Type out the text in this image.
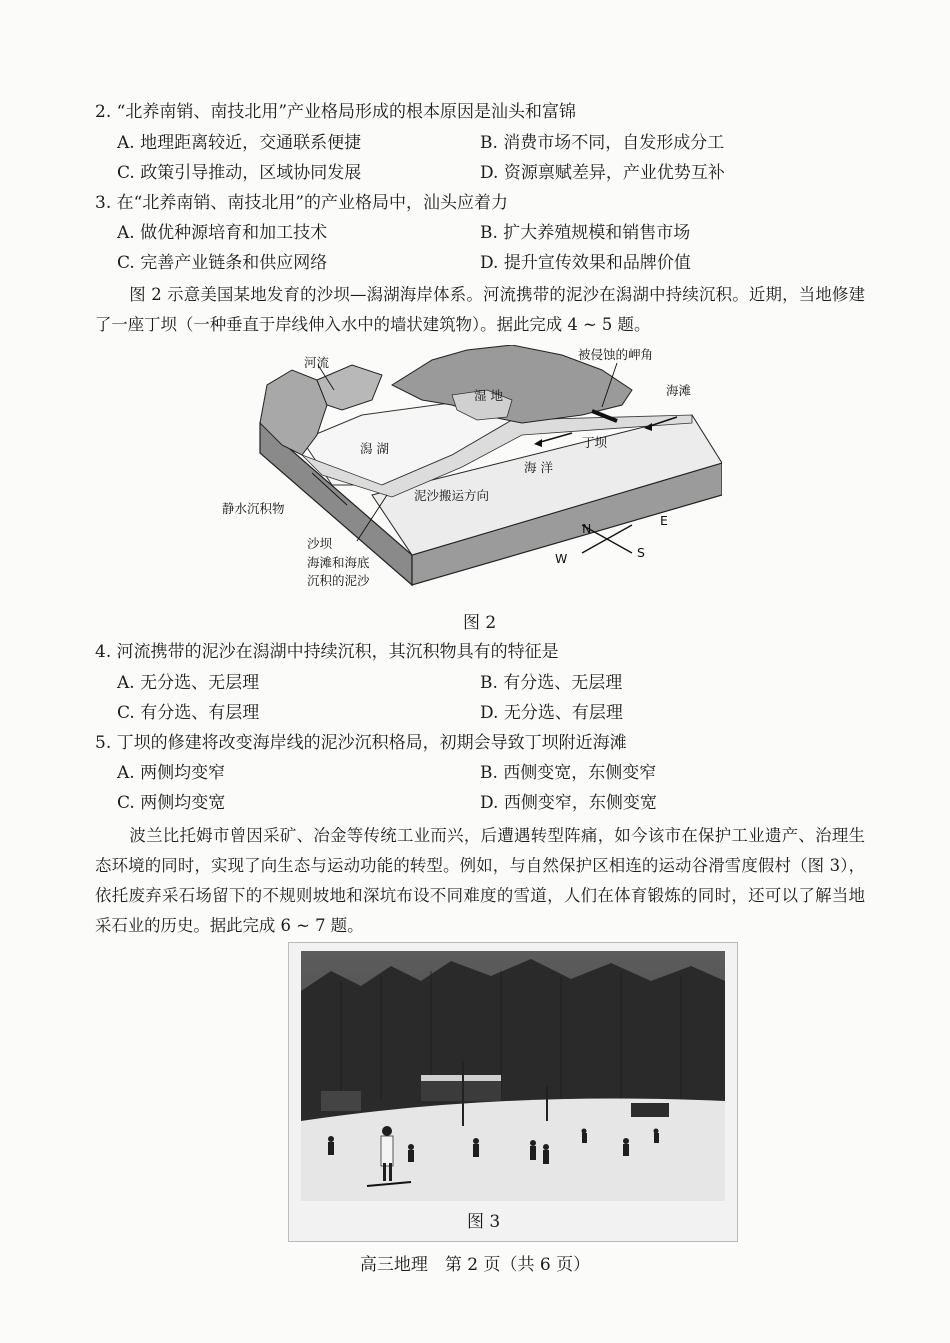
2. “北养南销、南技北用”产业格局形成的根本原因是汕头和富锦
A. 地理距离较近，交通联系便捷	B. 消费市场不同，自发形成分工
C. 政策引导推动，区域协同发展	D. 资源禀赋差异，产业优势互补
3. 在“北养南销、南技北用”的产业格局中，汕头应着力
A. 做优种源培育和加工技术	B. 扩大养殖规模和销售市场
C. 完善产业链条和供应网络	D. 提升宣传效果和品牌价值
图 2 示意美国某地发育的沙坝—潟湖海岸体系。河流携带的泥沙在潟湖中持续沉积。近期，当地修建了一座丁坝（一种垂直于岸线伸入水中的墙状建筑物）。据此完成 4 ~ 5 题。
河流
湿 地
被侵蚀的岬角
海滩
潟 湖	丁坝
海 洋
静水沉积物
泥沙搬运方向
沙坝
海滩和海底
沉积的泥沙
N
E
S
W
图 2
4. 河流携带的泥沙在潟湖中持续沉积，其沉积物具有的特征是
A. 无分选、无层理	B. 有分选、无层理
C. 有分选、有层理	D. 无分选、有层理
5. 丁坝的修建将改变海岸线的泥沙沉积格局，初期会导致丁坝附近海滩
A. 两侧均变窄	B. 西侧变宽，东侧变窄
C. 两侧均变宽	D. 西侧变窄，东侧变宽
波兰比托姆市曾因采矿、冶金等传统工业而兴，后遭遇转型阵痛，如今该市在保护工业遗产、治理生态环境的同时，实现了向生态与运动功能的转型。例如，与自然保护区相连的运动谷滑雪度假村（图 3），依托废弃采石场留下的不规则坡地和深坑布设不同难度的雪道，人们在体育锻炼的同时，还可以了解当地采石业的历史。据此完成 6 ~ 7 题。
图 3
高三地理　第 2 页（共 6 页）
